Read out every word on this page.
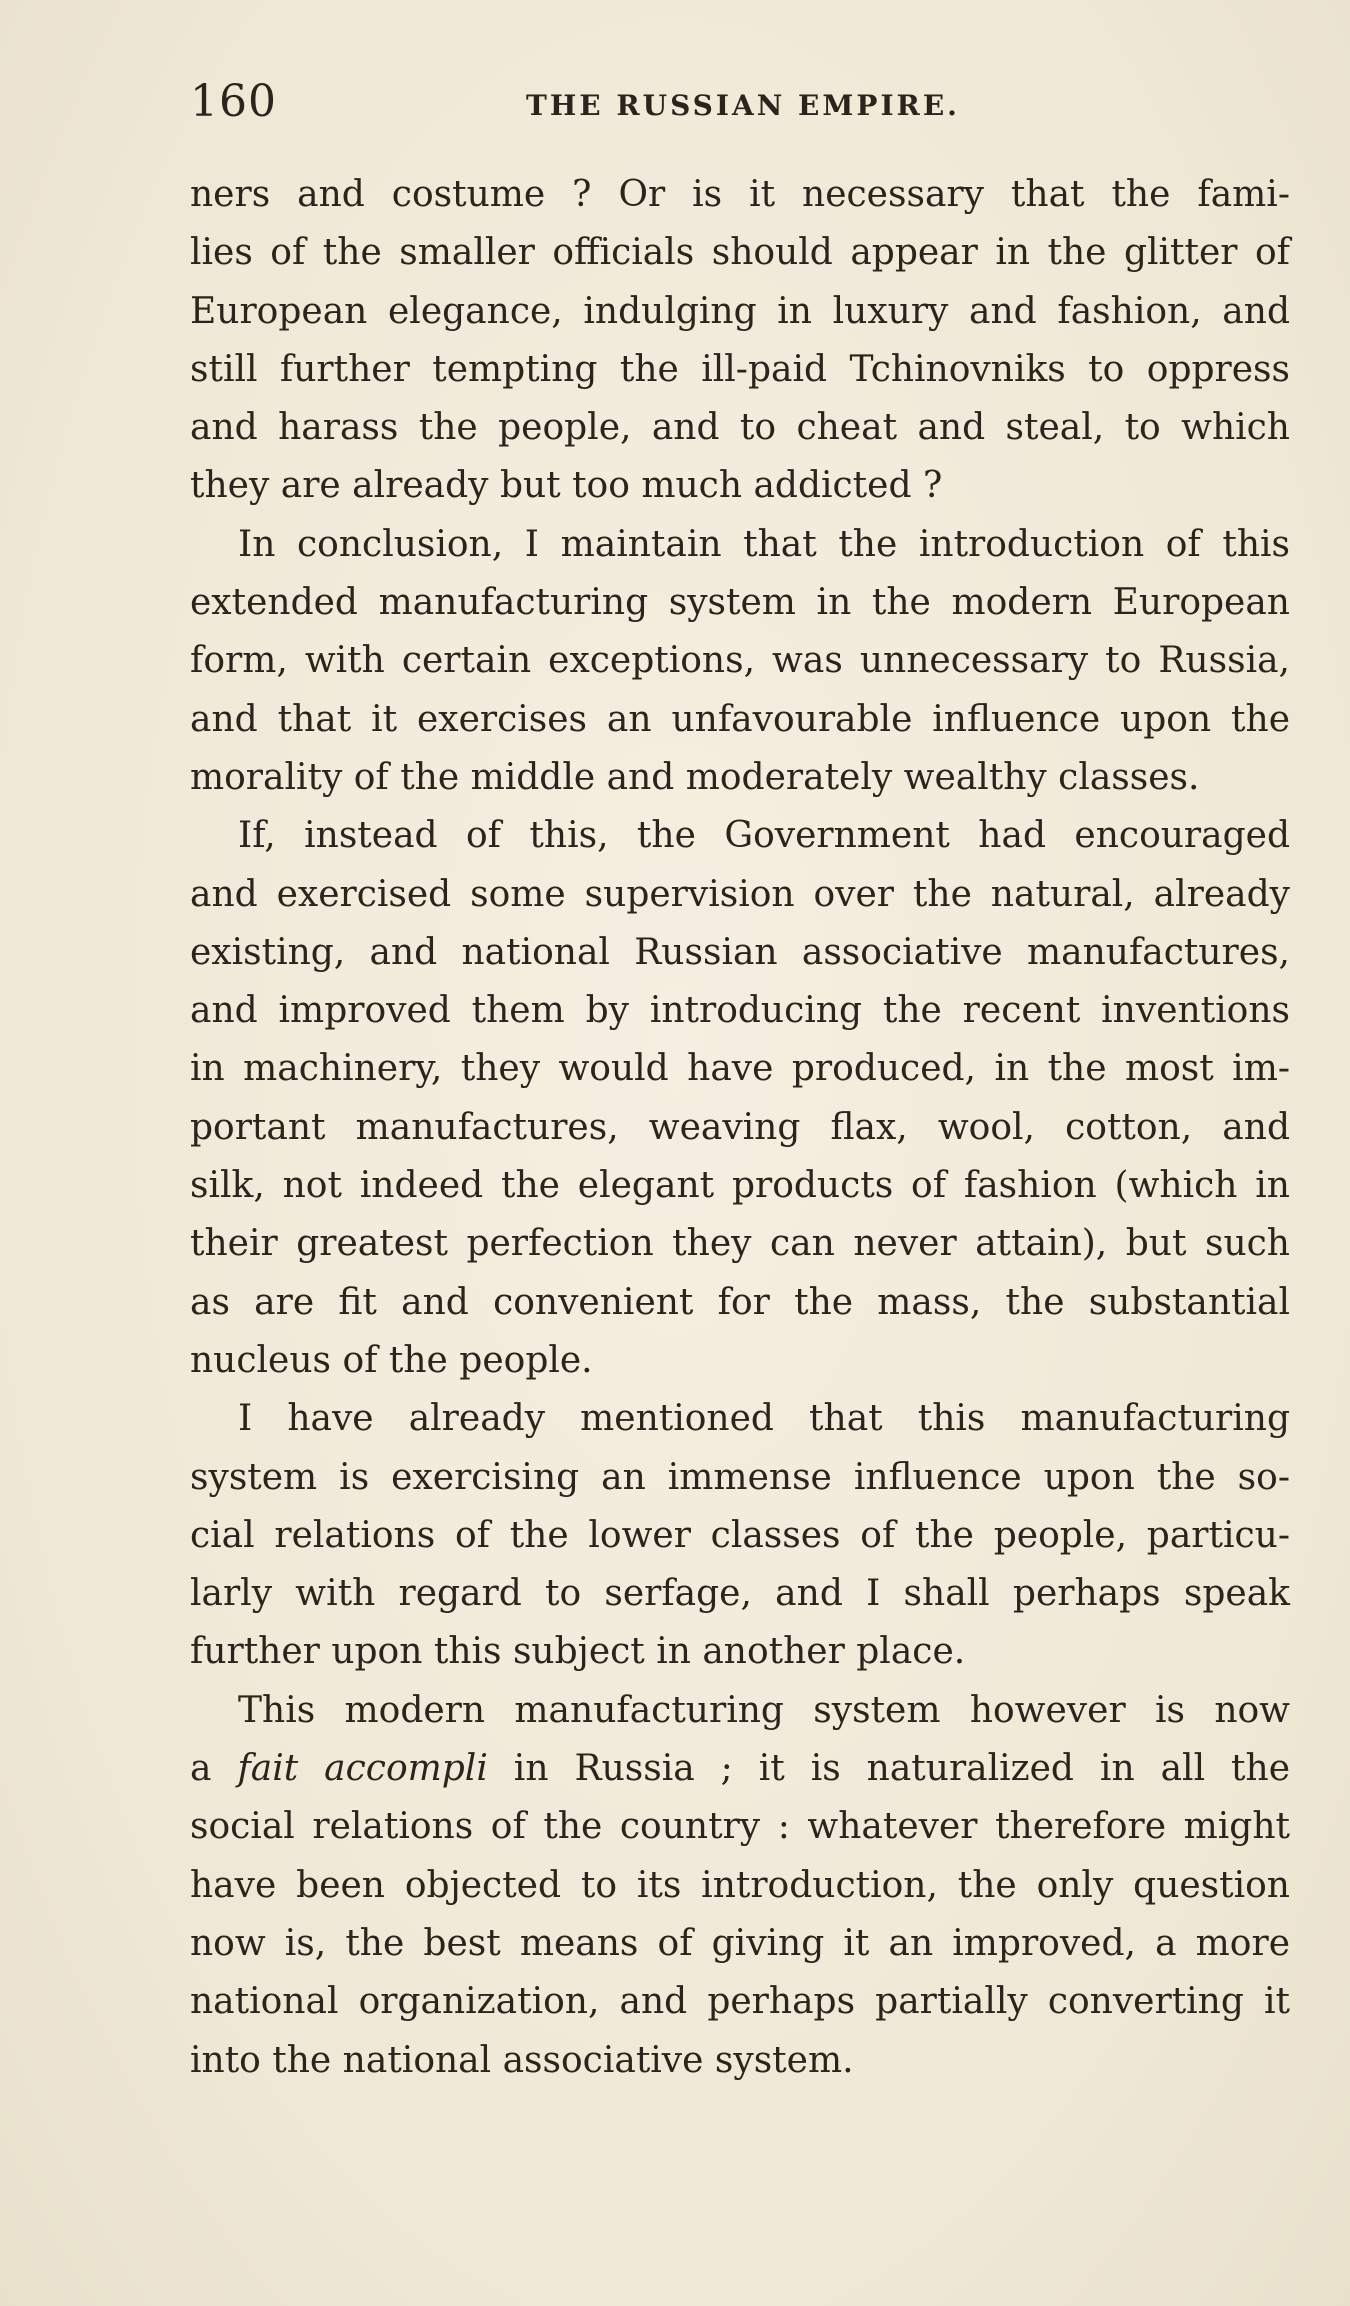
160	THE RUSSIAN EMPIRE.

ners and costume ? Or is it necessary that the fami-
lies of the smaller officials should appear in the glitter of
European elegance, indulging in luxury and fashion, and
still further tempting the ill-paid Tchinovniks to oppress
and harass the people, and to cheat and steal, to which
they are already but too much addicted ?

In conclusion, I maintain that the introduction of this
extended manufacturing system in the modern European
form, with certain exceptions, was unnecessary to Russia,
and that it exercises an unfavourable influence upon the
morality of the middle and moderately wealthy classes.

If, instead of this, the Government had encouraged
and exercised some supervision over the natural, already
existing, and national Russian associative manufactures,
and improved them by introducing the recent inventions
in machinery, they would have produced, in the most im-
portant manufactures, weaving flax, wool, cotton, and
silk, not indeed the elegant products of fashion (which in
their greatest perfection they can never attain), but such
as are fit and convenient for the mass, the substantial
nucleus of the people.

I have already mentioned that this manufacturing
system is exercising an immense influence upon the so-
cial relations of the lower classes of the people, particu-
larly with regard to serfage, and I shall perhaps speak
further upon this subject in another place.

This modern manufacturing system however is now
a fait accompli in Russia ; it is naturalized in all the
social relations of the country : whatever therefore might
have been objected to its introduction, the only question
now is, the best means of giving it an improved, a more
national organization, and perhaps partially converting it
into the national associative system.
